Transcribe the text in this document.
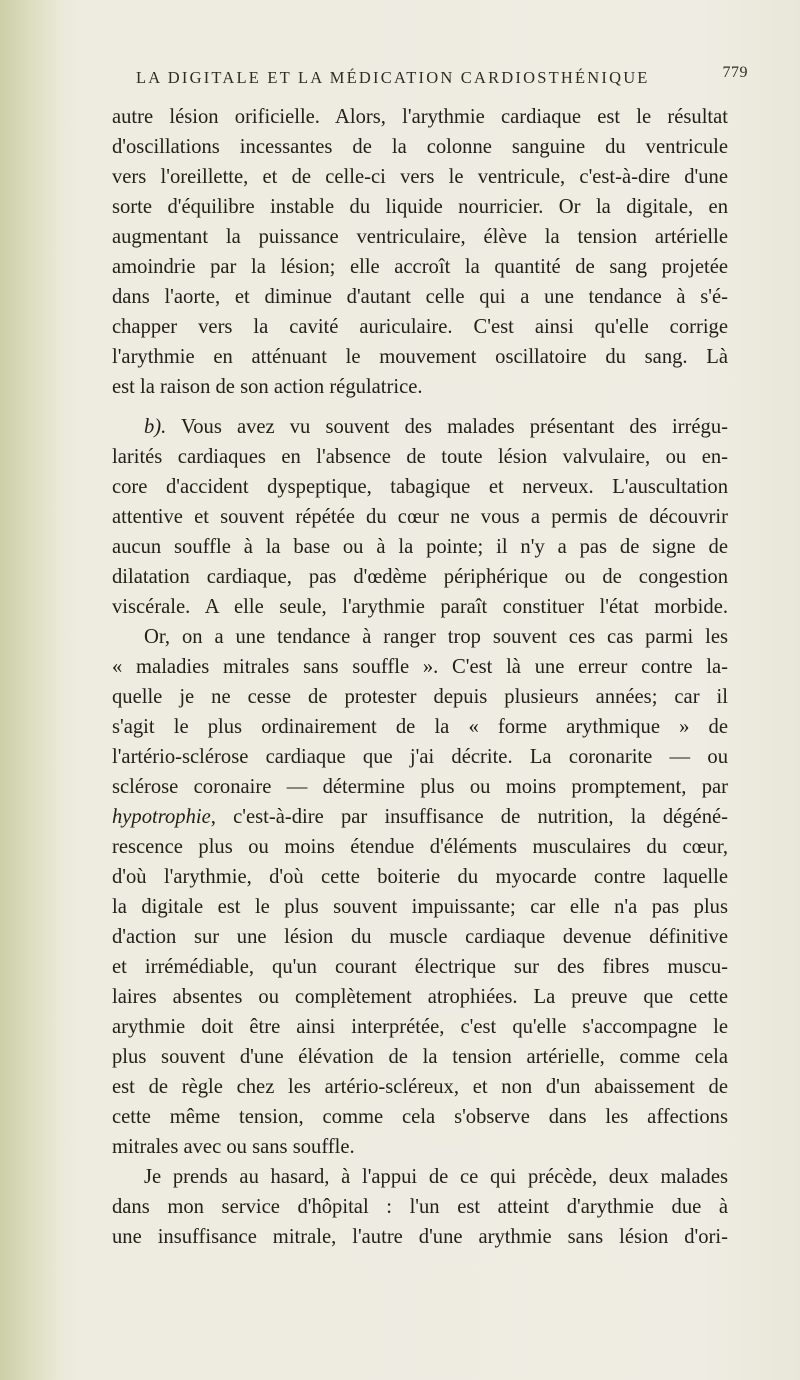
LA DIGITALE ET LA MÉDICATION CARDIOSTHÉNIQUE	779
autre lésion orificielle. Alors, l'arythmie cardiaque est le résultat
d'oscillations incessantes de la colonne sanguine du ventricule
vers l'oreillette, et de celle-ci vers le ventricule, c'est-à-dire d'une
sorte d'équilibre instable du liquide nourricier. Or la digitale, en
augmentant la puissance ventriculaire, élève la tension artérielle
amoindrie par la lésion; elle accroît la quantité de sang projetée
dans l'aorte, et diminue d'autant celle qui a une tendance à s'é-
chapper vers la cavité auriculaire. C'est ainsi qu'elle corrige
l'arythmie en atténuant le mouvement oscillatoire du sang. Là
est la raison de son action régulatrice.
b). Vous avez vu souvent des malades présentant des irrégu-
larités cardiaques en l'absence de toute lésion valvulaire, ou en-
core d'accident dyspeptique, tabagique et nerveux. L'auscultation
attentive et souvent répétée du cœur ne vous a permis de découvrir
aucun souffle à la base ou à la pointe; il n'y a pas de signe de
dilatation cardiaque, pas d'œdème périphérique ou de congestion
viscérale. A elle seule, l'arythmie paraît constituer l'état morbide.
Or, on a une tendance à ranger trop souvent ces cas parmi les
« maladies mitrales sans souffle ». C'est là une erreur contre la-
quelle je ne cesse de protester depuis plusieurs années; car il
s'agit le plus ordinairement de la « forme arythmique » de
l'artério-sclérose cardiaque que j'ai décrite. La coronarite — ou
sclérose coronaire — détermine plus ou moins promptement, par
hypotrophie, c'est-à-dire par insuffisance de nutrition, la dégéné-
rescence plus ou moins étendue d'éléments musculaires du cœur,
d'où l'arythmie, d'où cette boiterie du myocarde contre laquelle
la digitale est le plus souvent impuissante; car elle n'a pas plus
d'action sur une lésion du muscle cardiaque devenue définitive
et irrémédiable, qu'un courant électrique sur des fibres muscu-
laires absentes ou complètement atrophiées. La preuve que cette
arythmie doit être ainsi interprétée, c'est qu'elle s'accompagne le
plus souvent d'une élévation de la tension artérielle, comme cela
est de règle chez les artério-scléreux, et non d'un abaissement de
cette même tension, comme cela s'observe dans les affections
mitrales avec ou sans souffle.
Je prends au hasard, à l'appui de ce qui précède, deux malades
dans mon service d'hôpital : l'un est atteint d'arythmie due à
une insuffisance mitrale, l'autre d'une arythmie sans lésion d'ori-
